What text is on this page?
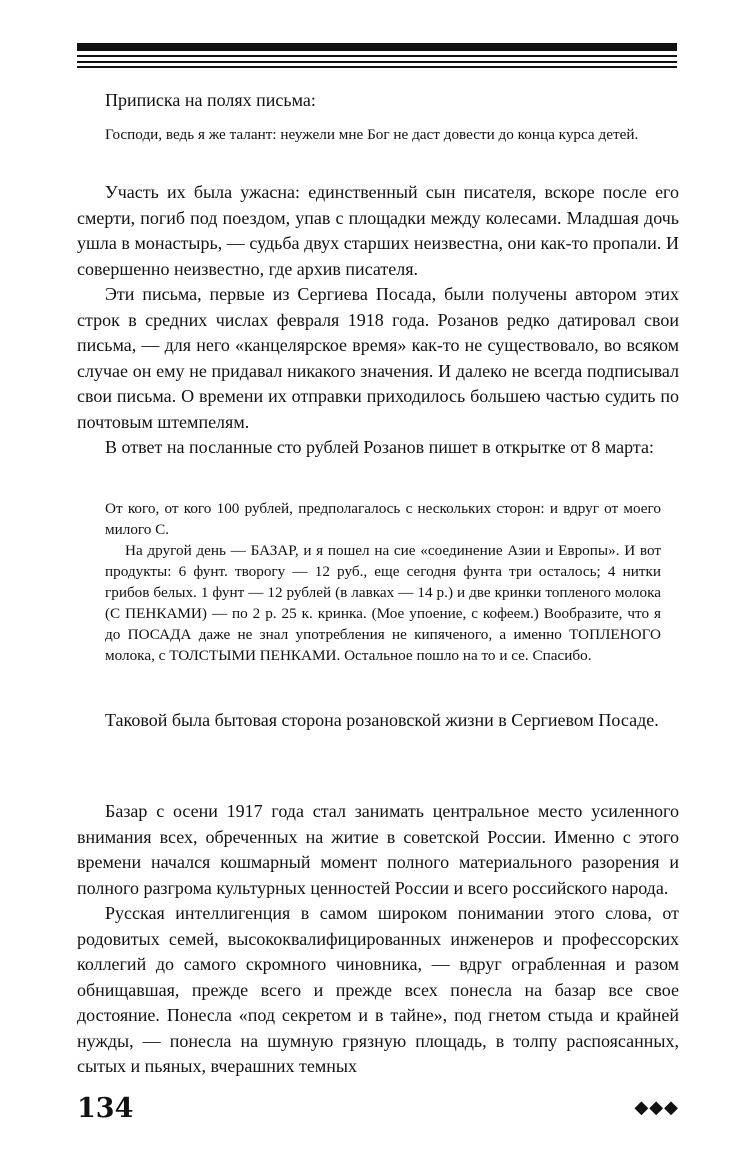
Приписка на полях письма:

Господи, ведь я же талант: неужели мне Бог не даст довести до конца курса детей.

Участь их была ужасна: единственный сын писателя, вскоре после его смерти, погиб под поездом, упав с площадки между колесами. Младшая дочь ушла в монастырь, — судьба двух старших неизвестна, они как-то пропали. И совершенно неизвестно, где архив писателя.

Эти письма, первые из Сергиева Посада, были получены автором этих строк в средних числах февраля 1918 года. Розанов редко датировал свои письма, — для него «канцелярское время» как-то не существовало, во всяком случае он ему не придавал никакого значения. И далеко не всегда подписывал свои письма. О времени их отправки приходилось большею частью судить по почтовым штемпелям.

В ответ на посланные сто рублей Розанов пишет в открытке от 8 марта:

От кого, от кого 100 рублей, предполагалось с нескольких сторон: и вдруг от моего милого С.

На другой день — БАЗАР, и я пошел на сие «соединение Азии и Европы». И вот продукты: 6 фунт. творогу — 12 руб., еще сегодня фунта три осталось; 4 нитки грибов белых. 1 фунт — 12 рублей (в лавках — 14 р.) и две кринки топленого молока (С ПЕНКАМИ) — по 2 р. 25 к. кринка. (Мое упоение, с кофеем.) Вообразите, что я до ПОСАДА даже не знал употребления не кипяченого, а именно ТОПЛЕНОГО молока, с ТОЛСТЫМИ ПЕНКАМИ. Остальное пошло на то и се. Спасибо.

Таковой была бытовая сторона розановской жизни в Сергиевом Посаде.

Базар с осени 1917 года стал занимать центральное место усиленного внимания всех, обреченных на житие в советской России. Именно с этого времени начался кошмарный момент полного материального разорения и полного разгрома культурных ценностей России и всего российского народа.

Русская интеллигенция в самом широком понимании этого слова, от родовитых семей, высококвалифицированных инженеров и профессорских коллегий до самого скромного чиновника, — вдруг ограбленная и разом обнищавшая, прежде всего и прежде всех понесла на базар все свое достояние. Понесла «под секретом и в тайне», под гнетом стыда и крайней нужды, — понесла на шумную грязную площадь, в толпу распоясанных, сытых и пьяных, вчерашних темных

134	◆◆◆
